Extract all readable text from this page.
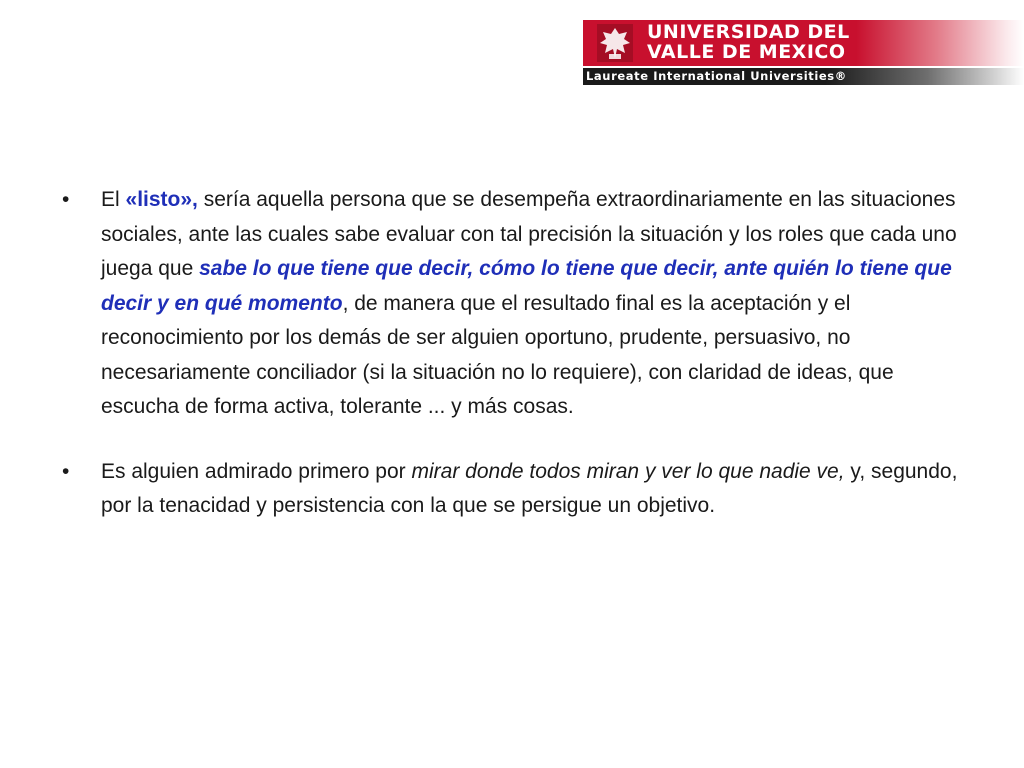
UNIVERSIDAD DEL
VALLE DE MEXICO
Laureate International Universities®
• El «listo», sería aquella persona que se desempeña extraordinariamente en las situaciones sociales, ante las cuales sabe evaluar con tal precisión la situación y los roles que cada uno juega que sabe lo que tiene que decir, cómo lo tiene que decir, ante quién lo tiene que decir y en qué momento, de manera que el resultado final es la aceptación y el reconocimiento por los demás de ser alguien oportuno, prudente, persuasivo, no necesariamente conciliador (si la situación no lo requiere), con claridad de ideas, que escucha de forma activa, tolerante ... y más cosas.
• Es alguien admirado primero por mirar donde todos miran y ver lo que nadie ve, y, segundo, por la tenacidad y persistencia con la que se persigue un objetivo.
